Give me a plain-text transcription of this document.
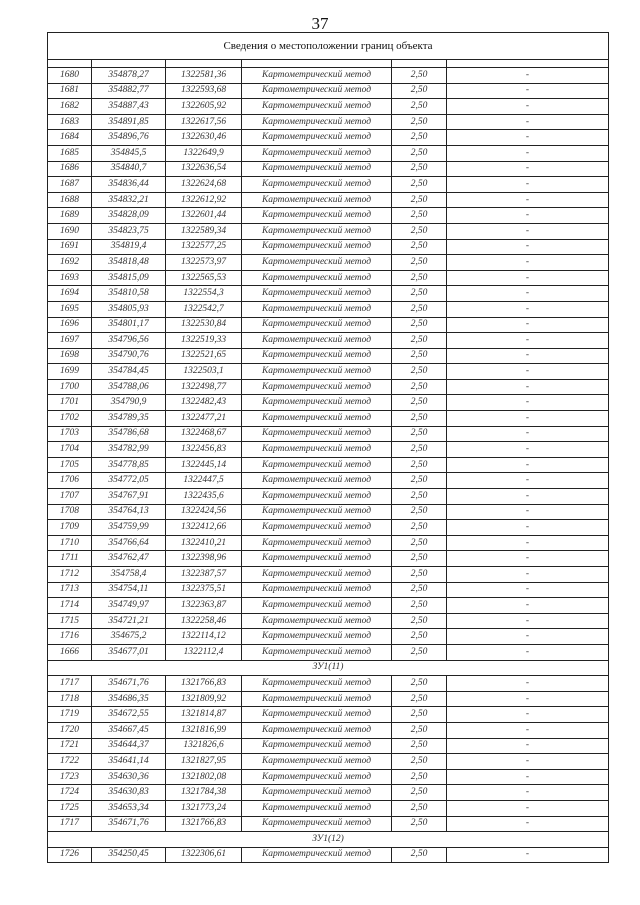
37
Сведения о местоположении границ объекта					

1680	354878,27	1322581,36	Картометрический метод	2,50	-
1681	354882,77	1322593,68	Картометрический метод	2,50	-
1682	354887,43	1322605,92	Картометрический метод	2,50	-
1683	354891,85	1322617,56	Картометрический метод	2,50	-
1684	354896,76	1322630,46	Картометрический метод	2,50	-
1685	354845,5	1322649,9	Картометрический метод	2,50	-
1686	354840,7	1322636,54	Картометрический метод	2,50	-
1687	354836,44	1322624,68	Картометрический метод	2,50	-
1688	354832,21	1322612,92	Картометрический метод	2,50	-
1689	354828,09	1322601,44	Картометрический метод	2,50	-
1690	354823,75	1322589,34	Картометрический метод	2,50	-
1691	354819,4	1322577,25	Картометрический метод	2,50	-
1692	354818,48	1322573,97	Картометрический метод	2,50	-
1693	354815,09	1322565,53	Картометрический метод	2,50	-
1694	354810,58	1322554,3	Картометрический метод	2,50	-
1695	354805,93	1322542,7	Картометрический метод	2,50	-
1696	354801,17	1322530,84	Картометрический метод	2,50	-
1697	354796,56	1322519,33	Картометрический метод	2,50	-
1698	354790,76	1322521,65	Картометрический метод	2,50	-
1699	354784,45	1322503,1	Картометрический метод	2,50	-
1700	354788,06	1322498,77	Картометрический метод	2,50	-
1701	354790,9	1322482,43	Картометрический метод	2,50	-
1702	354789,35	1322477,21	Картометрический метод	2,50	-
1703	354786,68	1322468,67	Картометрический метод	2,50	-
1704	354782,99	1322456,83	Картометрический метод	2,50	-
1705	354778,85	1322445,14	Картометрический метод	2,50	-
1706	354772,05	1322447,5	Картометрический метод	2,50	-
1707	354767,91	1322435,6	Картометрический метод	2,50	-
1708	354764,13	1322424,56	Картометрический метод	2,50	-
1709	354759,99	1322412,66	Картометрический метод	2,50	-
1710	354766,64	1322410,21	Картометрический метод	2,50	-
1711	354762,47	1322398,96	Картометрический метод	2,50	-
1712	354758,4	1322387,57	Картометрический метод	2,50	-
1713	354754,11	1322375,51	Картометрический метод	2,50	-
1714	354749,97	1322363,87	Картометрический метод	2,50	-
1715	354721,21	1322258,46	Картометрический метод	2,50	-
1716	354675,2	1322114,12	Картометрический метод	2,50	-
1666	354677,01	1322112,4	Картометрический метод	2,50	-
ЗУ1(11)					
1717	354671,76	1321766,83	Картометрический метод	2,50	-
1718	354686,35	1321809,92	Картометрический метод	2,50	-
1719	354672,55	1321814,87	Картометрический метод	2,50	-
1720	354667,45	1321816,99	Картометрический метод	2,50	-
1721	354644,37	1321826,6	Картометрический метод	2,50	-
1722	354641,14	1321827,95	Картометрический метод	2,50	-
1723	354630,36	1321802,08	Картометрический метод	2,50	-
1724	354630,83	1321784,38	Картометрический метод	2,50	-
1725	354653,34	1321773,24	Картометрический метод	2,50	-
1717	354671,76	1321766,83	Картометрический метод	2,50	-
ЗУ1(12)					
1726	354250,45	1322306,61	Картометрический метод	2,50	-
